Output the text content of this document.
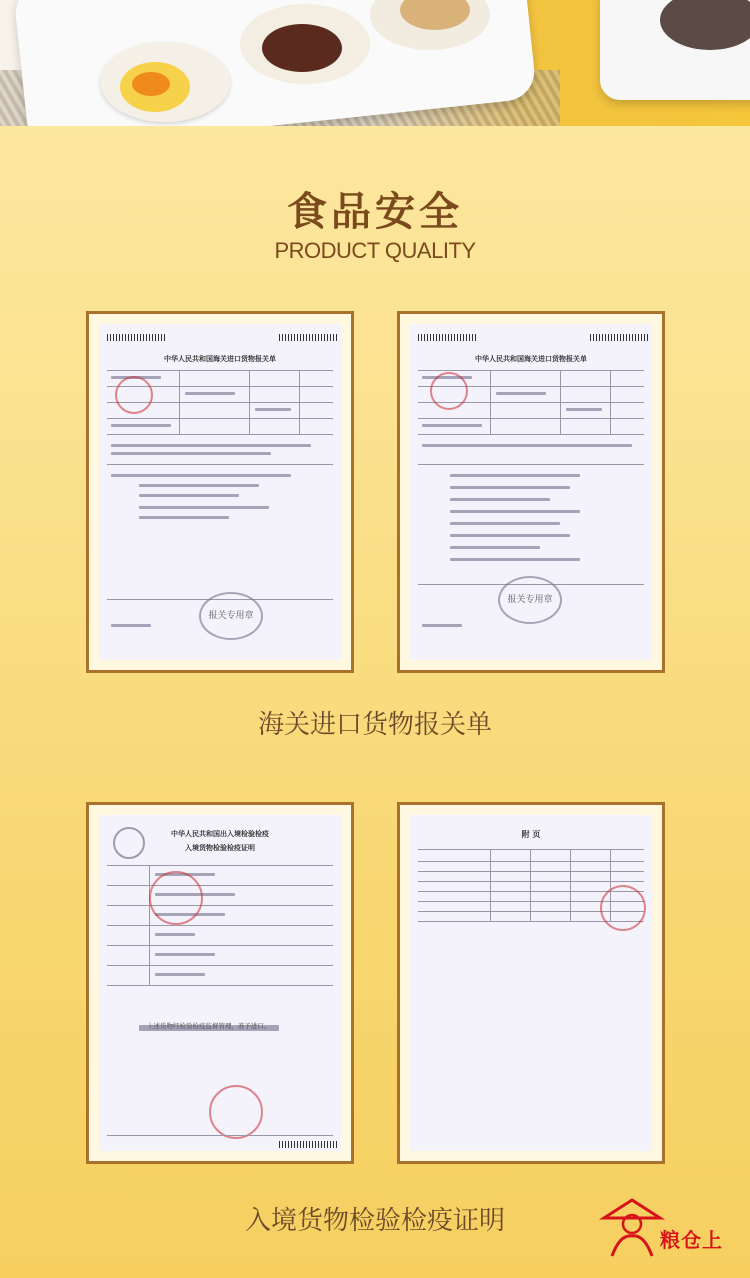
食品安全
PRODUCT QUALITY
中华人民共和国海关进口货物报关单
报关专用章
中华人民共和国海关进口货物报关单
报关专用章
海关进口货物报关单
中华人民共和国出入境检验检疫
入境货物检验检疫证明
上述货物经检验检疫监督管理，准予进口。
附 页
入境货物检验检疫证明
粮仓上
